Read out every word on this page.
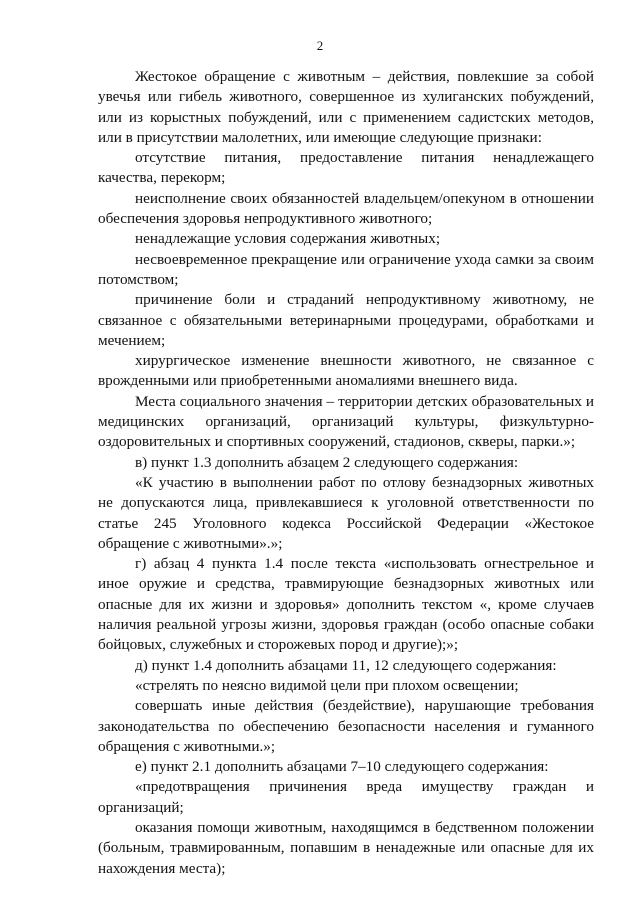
2

Жестокое обращение с животным – действия, повлекшие за собой увечья или гибель животного, совершенное из хулиганских побуждений, или из корыстных побуждений, или с применением садистских методов, или в присутствии малолетних, или имеющие следующие признаки:

отсутствие питания, предоставление питания ненадлежащего качества, перекорм;

неисполнение своих обязанностей владельцем/опекуном в отношении обеспечения здоровья непродуктивного животного;

ненадлежащие условия содержания животных;

несвоевременное прекращение или ограничение ухода самки за своим потомством;

причинение боли и страданий непродуктивному животному, не связанное с обязательными ветеринарными процедурами, обработками и мечением;

хирургическое изменение внешности животного, не связанное с врожденными или приобретенными аномалиями внешнего вида.

Места социального значения – территории детских образовательных и медицинских организаций, организаций культуры, физкультурно-оздоровительных и спортивных сооружений, стадионов, скверы, парки.»;

в) пункт 1.3 дополнить абзацем 2 следующего содержания:

«К участию в выполнении работ по отлову безнадзорных животных не допускаются лица, привлекавшиеся к уголовной ответственности по статье 245 Уголовного кодекса Российской Федерации «Жестокое обращение с животными».»;

г) абзац 4 пункта 1.4 после текста «использовать огнестрельное и иное оружие и средства, травмирующие безнадзорных животных или опасные для их жизни и здоровья» дополнить текстом «, кроме случаев наличия реальной угрозы жизни, здоровья граждан (особо опасные собаки бойцовых, служебных и сторожевых пород и другие);»;

д) пункт 1.4 дополнить абзацами 11, 12 следующего содержания:

«стрелять по неясно видимой цели при плохом освещении;

совершать иные действия (бездействие), нарушающие требования законодательства по обеспечению безопасности населения и гуманного обращения с животными.»;

е) пункт 2.1 дополнить абзацами 7–10 следующего содержания:

«предотвращения причинения вреда имуществу граждан и организаций;

оказания помощи животным, находящимся в бедственном положении (больным, травмированным, попавшим в ненадежные или опасные для их нахождения места);
